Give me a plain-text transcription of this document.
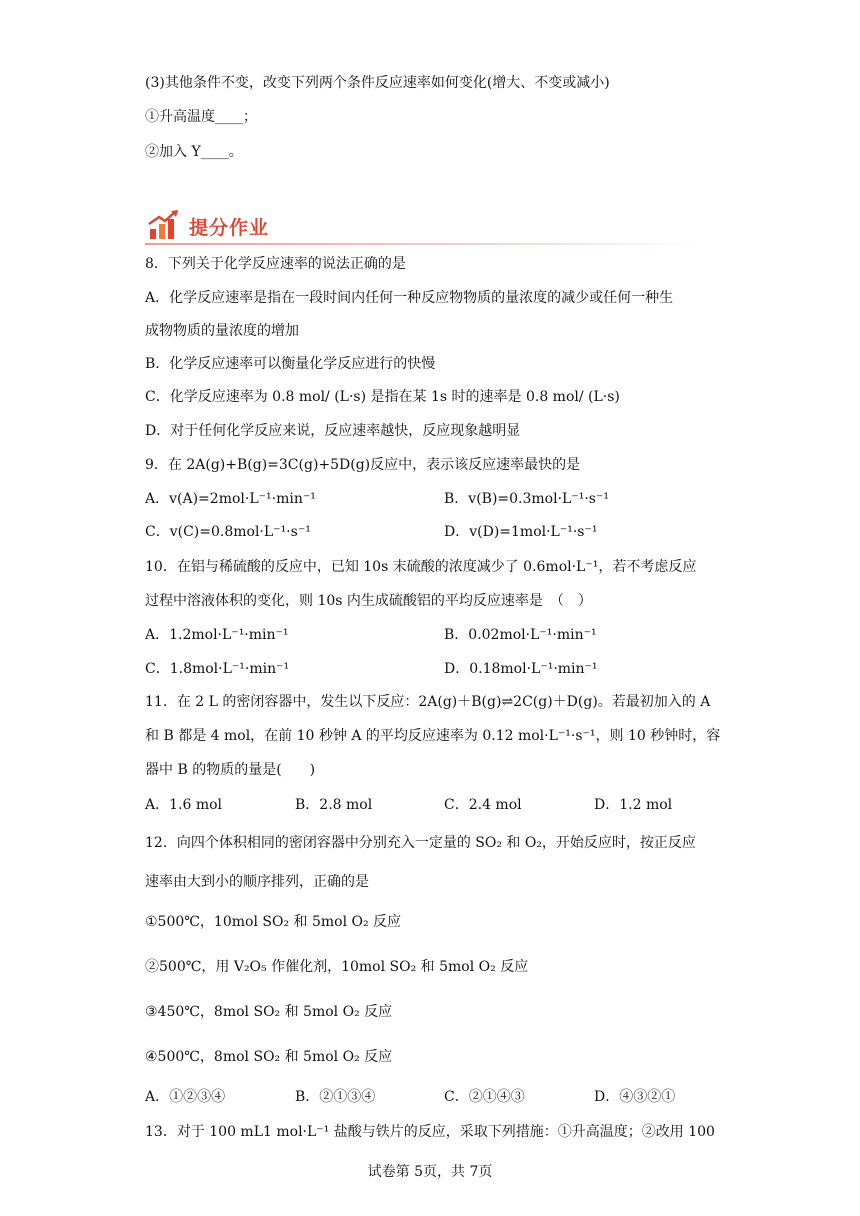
(3)其他条件不变，改变下列两个条件反应速率如何变化(增大、不变或减小)
①升高温度____；
②加入 Y____。
提分作业
8．下列关于化学反应速率的说法正确的是
A．化学反应速率是指在一段时间内任何一种反应物物质的量浓度的减少或任何一种生
成物物质的量浓度的增加
B．化学反应速率可以衡量化学反应进行的快慢
C．化学反应速率为 0.8 mol/ (L·s) 是指在某 1s 时的速率是 0.8 mol/ (L·s)
D．对于任何化学反应来说，反应速率越快，反应现象越明显
9．在 2A(g)+B(g)=3C(g)+5D(g)反应中，表示该反应速率最快的是
A．v(A)=2mol·L⁻¹·min⁻¹	B．v(B)=0.3mol·L⁻¹·s⁻¹
C．v(C)=0.8mol·L⁻¹·s⁻¹	D．v(D)=1mol·L⁻¹·s⁻¹
10．在铝与稀硫酸的反应中，已知 10s 末硫酸的浓度减少了 0.6mol·L⁻¹，若不考虑反应
过程中溶液体积的变化，则 10s 内生成硫酸铝的平均反应速率是　（　）
A．1.2mol·L⁻¹·min⁻¹	B．0.02mol·L⁻¹·min⁻¹
C．1.8mol·L⁻¹·min⁻¹	D．0.18mol·L⁻¹·min⁻¹
11．在 2 L 的密闭容器中，发生以下反应：2A(g)＋B(g)⇌2C(g)＋D(g)。若最初加入的 A
和 B 都是 4 mol，在前 10 秒钟 A 的平均反应速率为 0.12 mol·L⁻¹·s⁻¹，则 10 秒钟时，容
器中 B 的物质的量是(　　)
A．1.6 mol	B．2.8 mol	C．2.4 mol	D．1.2 mol
12．向四个体积相同的密闭容器中分别充入一定量的 SO₂ 和 O₂，开始反应时，按正反应
速率由大到小的顺序排列，正确的是
①500℃，10mol SO₂ 和 5mol O₂ 反应
②500℃，用 V₂O₅ 作催化剂，10mol SO₂ 和 5mol O₂ 反应
③450℃，8mol SO₂ 和 5mol O₂ 反应
④500℃，8mol SO₂ 和 5mol O₂ 反应
A．①②③④	B．②①③④	C．②①④③	D．④③②①
13．对于 100 mL1 mol·L⁻¹ 盐酸与铁片的反应，采取下列措施：①升高温度；②改用 100
试卷第 5页，共 7页
